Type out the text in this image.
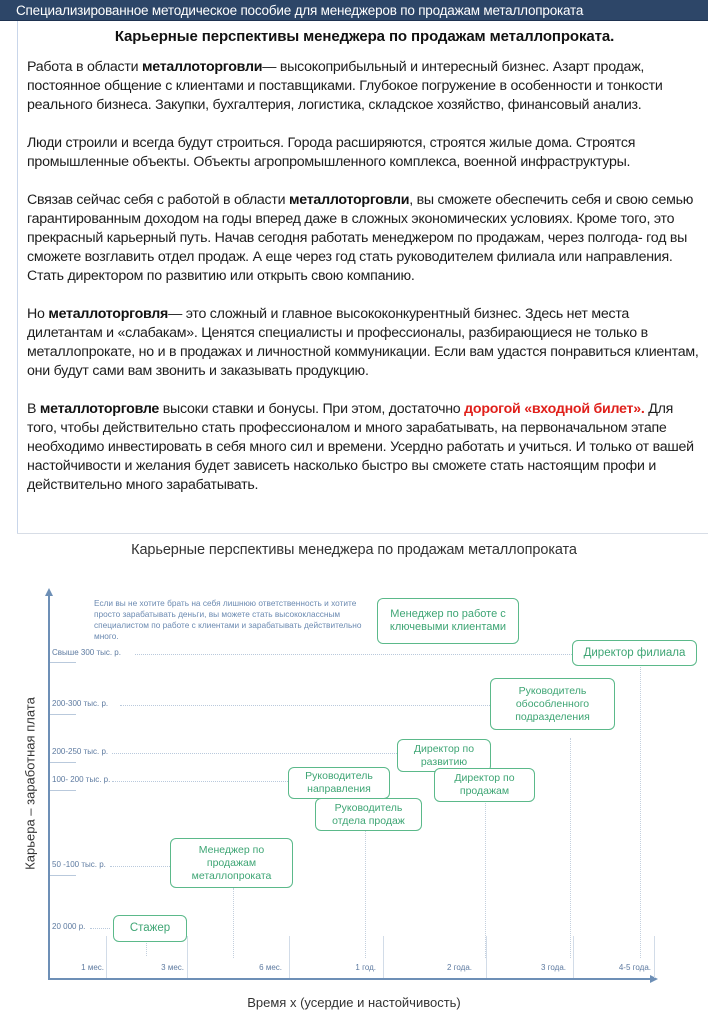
Специализированное методическое пособие для менеджеров по продажам металлопроката
Карьерные перспективы менеджера по продажам металлопроката.

Работа в области металлоторговли— высокоприбыльный и интересный бизнес. Азарт продаж, постоянное общение с клиентами и поставщиками. Глубокое погружение в особенности и тонкости реального бизнеса. Закупки, бухгалтерия, логистика, складское хозяйство, финансовый анализ.

Люди строили и всегда будут строиться. Города расширяются, строятся жилые дома. Строятся промышленные объекты. Объекты агропромышленного комплекса, военной инфраструктуры.

Связав сейчас себя с работой в области металлоторговли, вы сможете обеспечить себя и свою семью гарантированным доходом на годы вперед даже в сложных экономических условиях. Кроме того, это прекрасный карьерный путь. Начав сегодня работать менеджером по продажам, через полгода- год вы сможете возглавить отдел продаж. А еще через год стать руководителем филиала или направления. Стать директором по развитию или открыть свою компанию.

Но металлоторговля— это сложный и главное высококонкурентный бизнес. Здесь нет места дилетантам и «слабакам». Ценятся специалисты и профессионалы, разбирающиеся не только в металлопрокате, но и в продажах и личностной коммуникации. Если вам удастся понравиться клиентам, они будут сами вам звонить и заказывать продукцию.

В металлоторговле высоки ставки и бонусы. При этом, достаточно дорогой «входной билет». Для того, чтобы действительно стать профессионалом и много зарабатывать, на первоначальном этапе необходимо инвестировать в себя много сил и времени. Усердно работать и учиться. И только от вашей настойчивости и желания будет зависеть насколько быстро вы сможете стать настоящим профи и действительно много зарабатывать.

Карьерные перспективы менеджера по продажам металлопроката
Карьера – заработная плата
Время х (усердие и настойчивость)
Если вы не хотите брать на себя лишнюю ответственность и хотите просто зарабатывать деньги, вы можете стать высококлассным специалистом по работе с клиентами и зарабатывать действительно много.
Свыше 300 тыс. р.
200-300 тыс. р.
200-250 тыс. р.
100- 200 тыс. р.
50 -100 тыс. р.
20 000 р.
1 мес.	3 мес.	6 мес.	1 год.	2 года.	3 года.	4-5 года.
Стажер
Менеджер по продажам металлопроката
Руководитель направления
Руководитель отдела продаж
Директор по развитию
Директор по продажам
Руководитель обособленного подразделения
Директор филиала
Менеджер по работе с ключевыми клиентами
